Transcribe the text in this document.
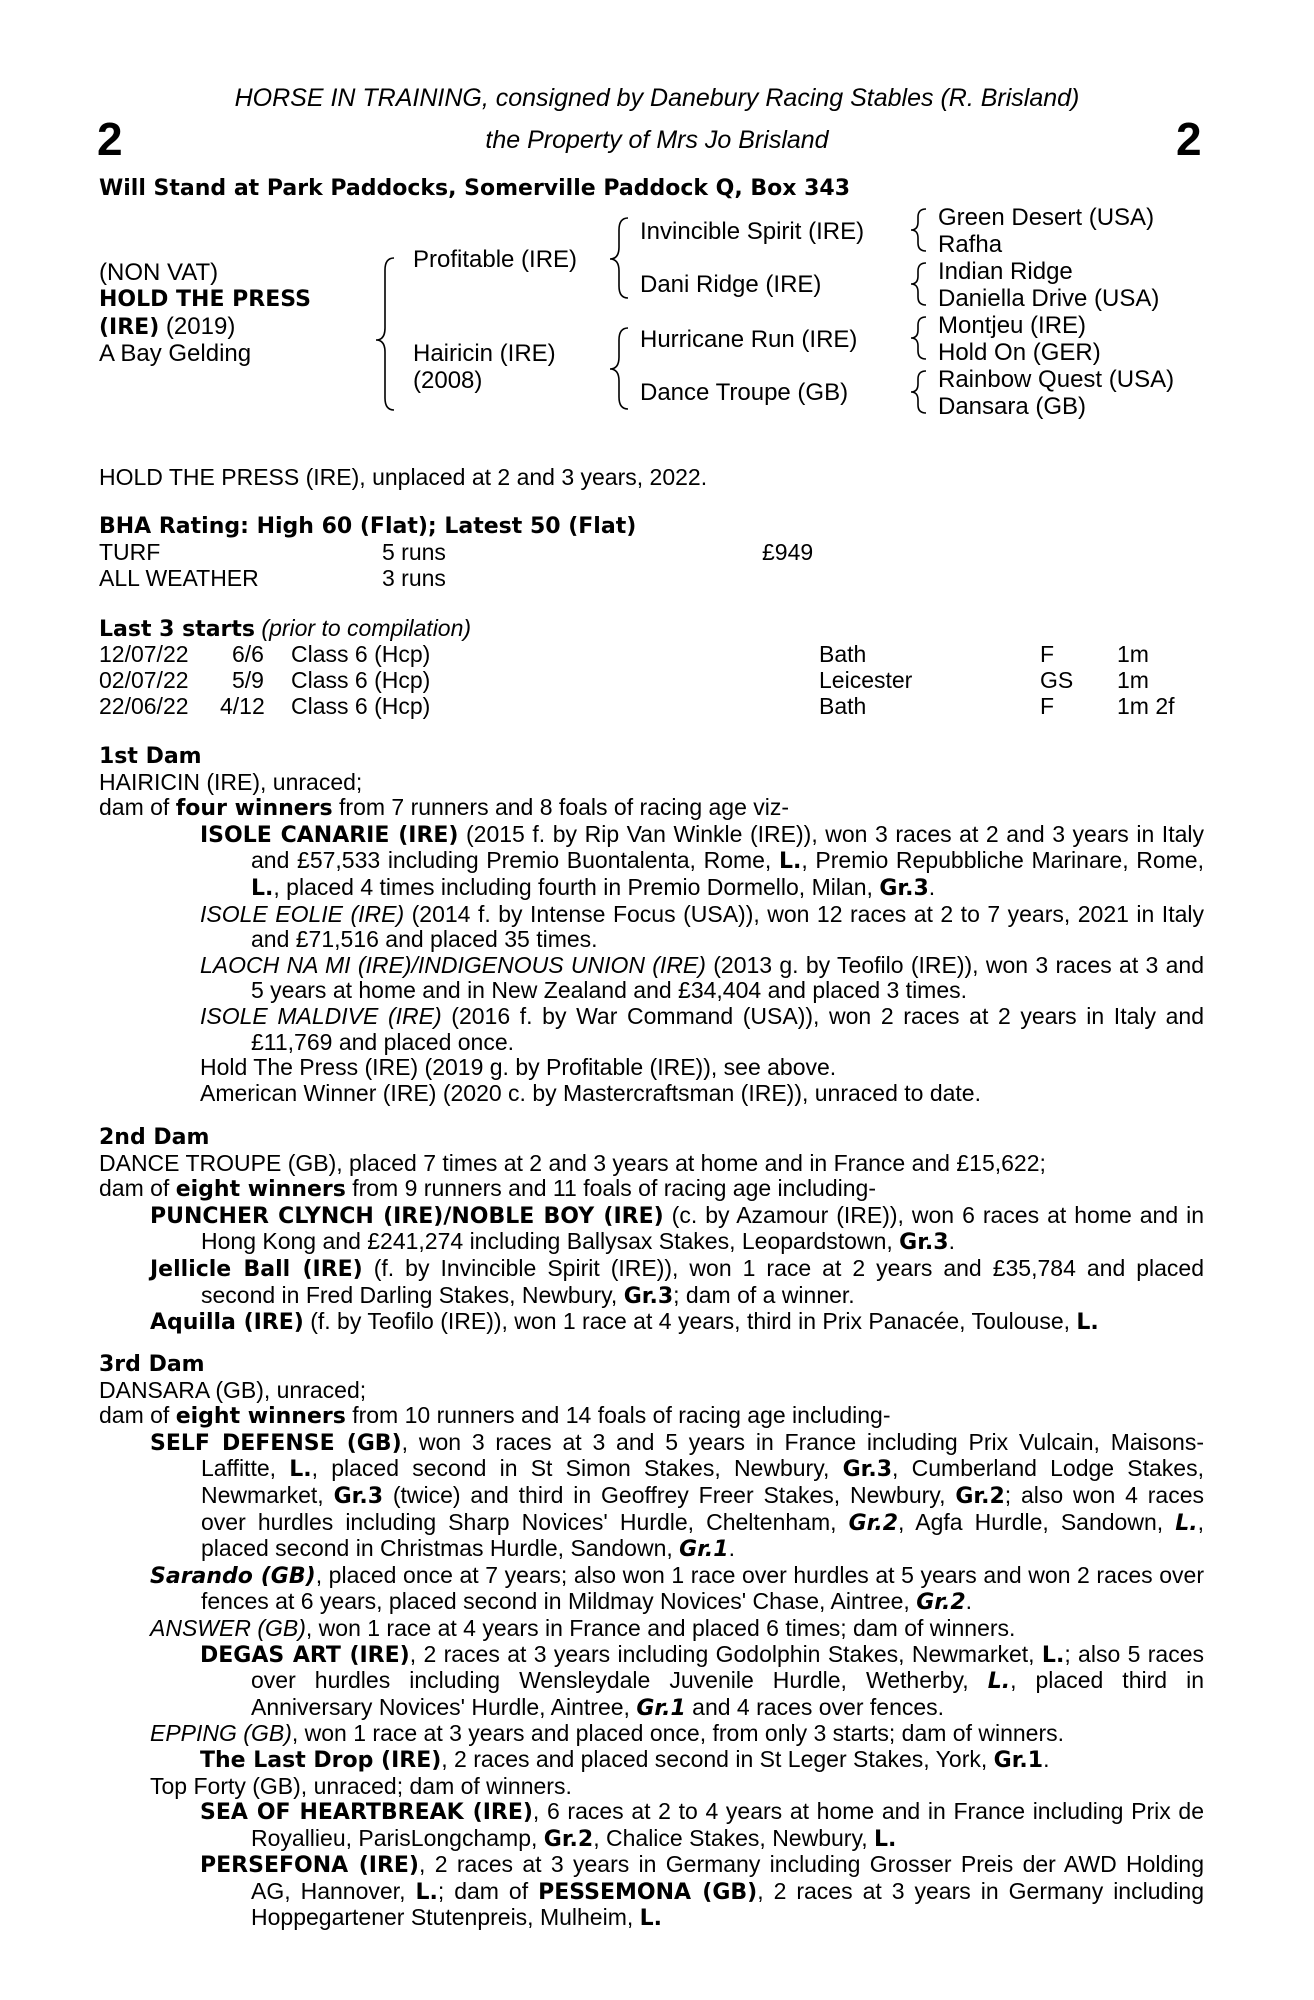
2	2
HORSE IN TRAINING, consigned by Danebury Racing Stables (R. Brisland)
the Property of Mrs Jo Brisland
Will Stand at Park Paddocks, Somerville Paddock Q, Box 343
(NON VAT)
HOLD THE PRESS
(IRE) (2019)
A Bay Gelding
Profitable (IRE)
Hairicin (IRE)
(2008)
Invincible Spirit (IRE)
Dani Ridge (IRE)
Hurricane Run (IRE)
Dance Troupe (GB)
Green Desert (USA)
Rafha
Indian Ridge
Daniella Drive (USA)
Montjeu (IRE)
Hold On (GER)
Rainbow Quest (USA)
Dansara (GB)
HOLD THE PRESS (IRE), unplaced at 2 and 3 years, 2022.
BHA Rating: High 60 (Flat); Latest 50 (Flat)
TURF	5 runs	£949
ALL WEATHER	3 runs
Last 3 starts (prior to compilation)
12/07/22 6/6 Class 6 (Hcp)	Bath	F	1m
02/07/22 5/9 Class 6 (Hcp)	Leicester	GS 1m
22/06/22 4/12 Class 6 (Hcp)	Bath	F	1m 2f

1st Dam

HAIRICIN (IRE), unraced;

dam of four winners from 7 runners and 8 foals of racing age viz-

ISOLE CANARIE (IRE) (2015 f. by Rip Van Winkle (IRE)), won 3 races at 2 and 3 years in Italy and £57,533 including Premio Buontalenta, Rome, L., Premio Repubbliche Marinare, Rome, L., placed 4 times including fourth in Premio Dormello, Milan, Gr.3.

ISOLE EOLIE (IRE) (2014 f. by Intense Focus (USA)), won 12 races at 2 to 7 years, 2021 in Italy and £71,516 and placed 35 times.

LAOCH NA MI (IRE)/INDIGENOUS UNION (IRE) (2013 g. by Teofilo (IRE)), won 3 races at 3 and 5 years at home and in New Zealand and £34,404 and placed 3 times.

ISOLE MALDIVE (IRE) (2016 f. by War Command (USA)), won 2 races at 2 years in Italy and £11,769 and placed once.

Hold The Press (IRE) (2019 g. by Profitable (IRE)), see above.

American Winner (IRE) (2020 c. by Mastercraftsman (IRE)), unraced to date.

2nd Dam

DANCE TROUPE (GB), placed 7 times at 2 and 3 years at home and in France and £15,622;

dam of eight winners from 9 runners and 11 foals of racing age including-

PUNCHER CLYNCH (IRE)/NOBLE BOY (IRE) (c. by Azamour (IRE)), won 6 races at home and in Hong Kong and £241,274 including Ballysax Stakes, Leopardstown, Gr.3.

Jellicle Ball (IRE) (f. by Invincible Spirit (IRE)), won 1 race at 2 years and £35,784 and placed second in Fred Darling Stakes, Newbury, Gr.3; dam of a winner.

Aquilla (IRE) (f. by Teofilo (IRE)), won 1 race at 4 years, third in Prix Panacée, Toulouse, L.

3rd Dam

DANSARA (GB), unraced;

dam of eight winners from 10 runners and 14 foals of racing age including-

SELF DEFENSE (GB), won 3 races at 3 and 5 years in France including Prix Vulcain, Maisons-Laffitte, L., placed second in St Simon Stakes, Newbury, Gr.3, Cumberland Lodge Stakes, Newmarket, Gr.3 (twice) and third in Geoffrey Freer Stakes, Newbury, Gr.2; also won 4 races over hurdles including Sharp Novices' Hurdle, Cheltenham, Gr.2, Agfa Hurdle, Sandown, L., placed second in Christmas Hurdle, Sandown, Gr.1.

Sarando (GB), placed once at 7 years; also won 1 race over hurdles at 5 years and won 2 races over fences at 6 years, placed second in Mildmay Novices' Chase, Aintree, Gr.2.

ANSWER (GB), won 1 race at 4 years in France and placed 6 times; dam of winners.

DEGAS ART (IRE), 2 races at 3 years including Godolphin Stakes, Newmarket, L.; also 5 races over hurdles including Wensleydale Juvenile Hurdle, Wetherby, L., placed third in Anniversary Novices' Hurdle, Aintree, Gr.1 and 4 races over fences.

EPPING (GB), won 1 race at 3 years and placed once, from only 3 starts; dam of winners.

The Last Drop (IRE), 2 races and placed second in St Leger Stakes, York, Gr.1.

Top Forty (GB), unraced; dam of winners.

SEA OF HEARTBREAK (IRE), 6 races at 2 to 4 years at home and in France including Prix de Royallieu, ParisLongchamp, Gr.2, Chalice Stakes, Newbury, L.

PERSEFONA (IRE), 2 races at 3 years in Germany including Grosser Preis der AWD Holding AG, Hannover, L.; dam of PESSEMONA (GB), 2 races at 3 years in Germany including Hoppegartener Stutenpreis, Mulheim, L.
